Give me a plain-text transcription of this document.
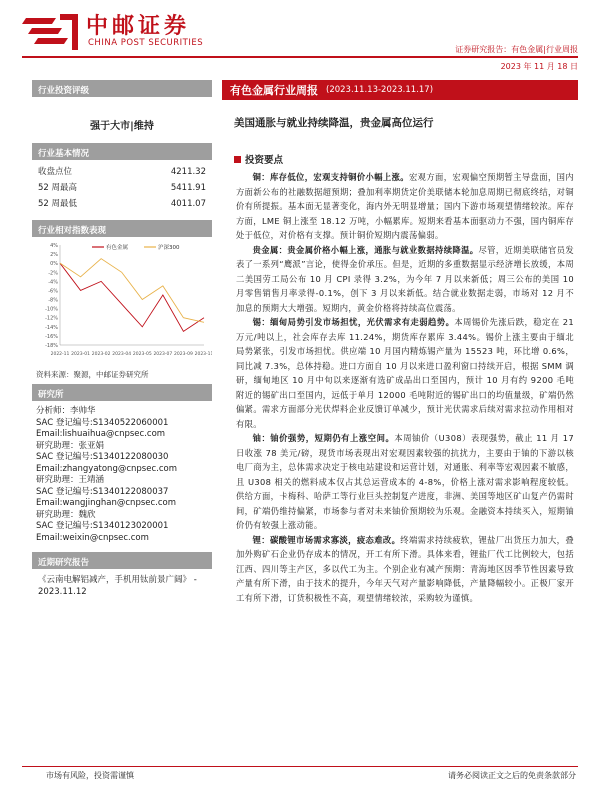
中邮证券
CHINA POST SECURITIES
证券研究报告：有色金属|行业周报
2023 年 11 月 18 日
行业投资评级
强于大市|维持
行业基本情况
收盘点位	4211.32
52 周最高	5411.91
52 周最低	4011.07
行业相对指数表现
4%
2%
0%
-2%
-4%
-6%
-8%
-10%
-12%
-14%
-16%
-18%
2022-11 2023-01 2023-02 2023-04 2023-05 2023-07 2023-09 2023-11
有色金属	沪深300
资料来源：聚源，中邮证券研究所
研究所
分析师：李帅华
SAC 登记编号:S1340522060001
Email:lishuaihua@cnpsec.com
研究助理：张亚娟
SAC 登记编号:S1340122080030
Email:zhangyatong@cnpsec.com
研究助理：王靖涵
SAC 登记编号:S1340122080037
Email:wangjinghan@cnpsec.com
研究助理：魏欣
SAC 登记编号:S1340123020001
Email:weixin@cnpsec.com
近期研究报告
《云南电解铝减产，手机用钛前景广阔》 - 2023.11.12
有色金属行业周报 (2023.11.13-2023.11.17)
美国通胀与就业持续降温，贵金属高位运行
投资要点
铜：库存低位，宏观支持铜价小幅上涨。宏观方面，宏观偏空预期暂主导盘面，国内方面新公布的社融数据超预期；叠加利率期货定价美联储本轮加息周期已彻底终结，对铜价有所提振。基本面无显著变化，海内外无明显增量；国内下游市场观望情绪较浓。库存方面，LME 铜上涨至 18.12 万吨，小幅累库。短期来看基本面驱动力不强，国内铜库存处于低位，对价格有支撑。预计铜价短期内震荡偏弱。
贵金属：贵金属价格小幅上涨，通胀与就业数据持续降温。尽管，近期美联储官员发表了一系列“鹰派”言论，使得金价承压。但是，近期的多重数据显示经济增长放缓，本周二美国劳工局公布 10 月 CPI 录得 3.2%，为今年 7 月以来新低；周三公布的美国 10 月零售销售月率录得-0.1%，创下 3 月以来新低。结合就业数据走弱，市场对 12 月不加息的预期大大增强。短期内，黄金价格将持续高位震荡。
锡：缅甸局势引发市场担忧，光伏需求有走弱趋势。本周锡价先涨后跌，稳定在 21 万元/吨以上，社会库存去库 11.24%，期货库存累库 3.44%。锡价上涨主要由于缅北局势紧张，引发市场担忧。供应端 10 月国内精炼锡产量为 15523 吨，环比增 0.6%，同比减 7.3%，总体持稳。进口方面自 10 月以来进口盈利窗口持续开启，根据 SMM 调研，缅甸地区 10 月中旬以来逐渐有选矿成品出口至国内，预计 10 月有约 9200 毛吨附近的锡矿出口至国内，远低于单月 12000 毛吨附近的锡矿出口的均值量级，矿端仍然偏紧。需求方面部分光伏焊料企业反馈订单减少，预计光伏需求后续对需求拉动作用相对有限。
铀：铀价强势，短期仍有上涨空间。本周铀价（U308）表现强势，截止 11 月 17 日收涨 78 美元/磅，现货市场表现出对宏观因素较强的抗扰力，主要由于铀的下游以核电厂商为主，总体需求决定于核电站建设和运营计划，对通胀、利率等宏观因素不敏感，且 U308 相关的燃料成本仅占其总运营成本的 4-8%，价格上涨对需求影响程度较低。供给方面，卡梅科、哈萨工等行业巨头控制复产进度，非洲、美国等地区矿山复产仍需时间，矿端仍维持偏紧，市场参与者对未来铀价预期较为乐观。金融资本持续买入，短期铀价仍有较强上涨动能。
锂：碳酸锂市场需求寡淡，疲态难改。终端需求持续疲软，锂盐厂出货压力加大，叠加外购矿石企业仍存成本的情况，开工有所下滑。具体来看，锂盐厂代工比例较大，包括江西、四川等主产区，多以代工为主。个别企业有减产预期：青海地区因季节性因素导致产量有所下滑，由于技术的提升，今年天气对产量影响降低，产量降幅较小。正极厂家开工有所下滑，订货积极性不高，观望情绪较浓，采购较为谨慎。
市场有风险，投资需谨慎	请务必阅读正文之后的免责条款部分
